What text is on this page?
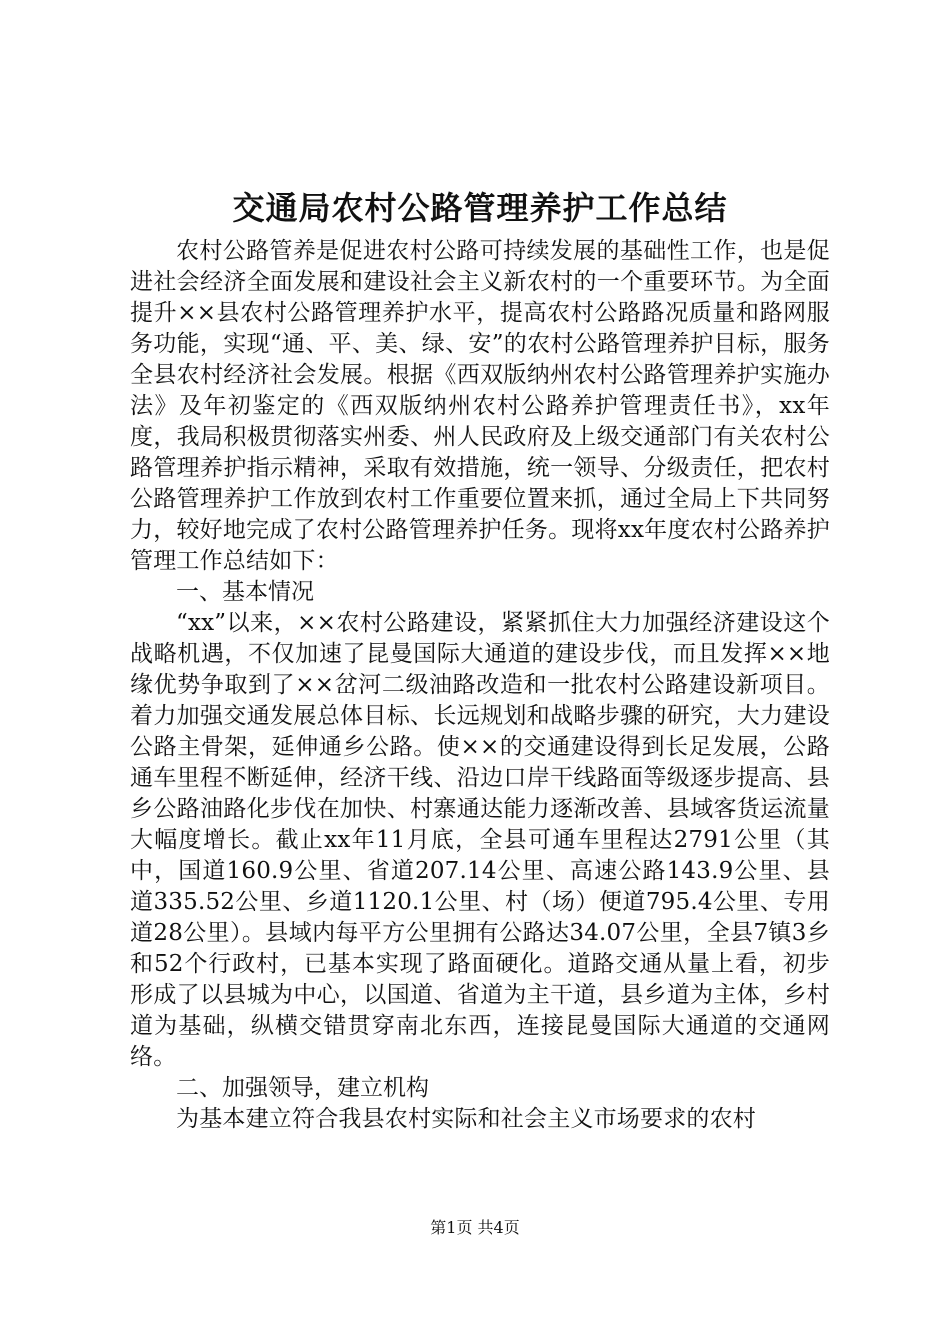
交通局农村公路管理养护工作总结

农村公路管养是促进农村公路可持续发展的基础性工作，也是促进社会经济全面发展和建设社会主义新农村的一个重要环节。为全面提升××县农村公路管理养护水平，提高农村公路路况质量和路网服务功能，实现“通、平、美、绿、安”的农村公路管理养护目标，服务全县农村经济社会发展。根据《西双版纳州农村公路管理养护实施办法》及年初鉴定的《西双版纳州农村公路养护管理责任书》，xx年度，我局积极贯彻落实州委、州人民政府及上级交通部门有关农村公路管理养护指示精神，采取有效措施，统一领导、分级责任，把农村公路管理养护工作放到农村工作重要位置来抓，通过全局上下共同努力，较好地完成了农村公路管理养护任务。现将xx年度农村公路养护管理工作总结如下：

一、基本情况

“xx”以来，××农村公路建设，紧紧抓住大力加强经济建设这个战略机遇，不仅加速了昆曼国际大通道的建设步伐，而且发挥××地缘优势争取到了××岔河二级油路改造和一批农村公路建设新项目。着力加强交通发展总体目标、长远规划和战略步骤的研究，大力建设公路主骨架，延伸通乡公路。使××的交通建设得到长足发展，公路通车里程不断延伸，经济干线、沿边口岸干线路面等级逐步提高、县乡公路油路化步伐在加快、村寨通达能力逐渐改善、县域客货运流量大幅度增长。截止xx年11月底，全县可通车里程达2791公里（其中，国道160.9公里、省道207.14公里、高速公路143.9公里、县道335.52公里、乡道1120.1公里、村（场）便道795.4公里、专用道28公里）。县域内每平方公里拥有公路达34.07公里，全县7镇3乡和52个行政村，已基本实现了路面硬化。道路交通从量上看，初步形成了以县城为中心，以国道、省道为主干道，县乡道为主体，乡村道为基础，纵横交错贯穿南北东西，连接昆曼国际大通道的交通网络。

二、加强领导，建立机构

为基本建立符合我县农村实际和社会主义市场要求的农村

第1页 共4页
